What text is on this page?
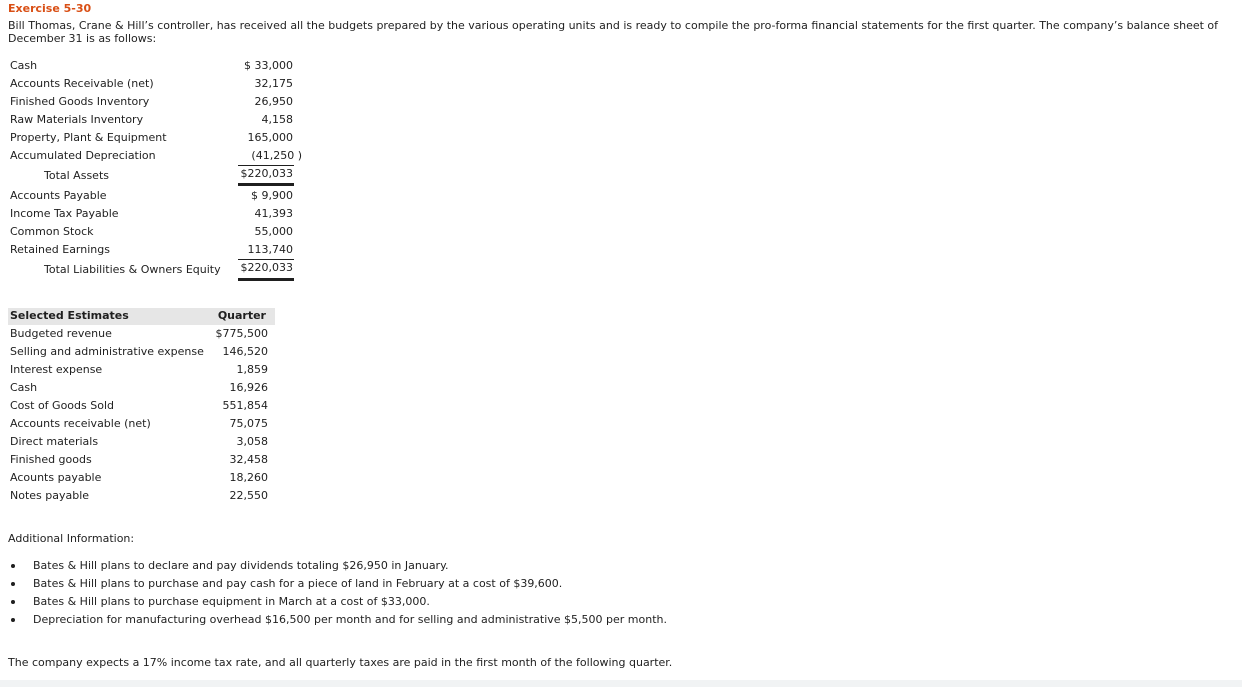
Exercise 5-30
Bill Thomas, Crane & Hill’s controller, has received all the budgets prepared by the various operating units and is ready to compile the pro-forma financial statements for the first quarter. The company’s balance sheet of December 31 is as follows:
Cash	$ 33,000
Accounts Receivable (net)	32,175
Finished Goods Inventory	26,950
Raw Materials Inventory	4,158
Property, Plant & Equipment	165,000
Accumulated Depreciation	(41,250 )
Total Assets	$220,033
Accounts Payable	$ 9,900
Income Tax Payable	41,393
Common Stock	55,000
Retained Earnings	113,740
Total Liabilities & Owners Equity	$220,033
Selected Estimates	Quarter
Budgeted revenue	$775,500
Selling and administrative expense	146,520
Interest expense	1,859
Cash	16,926
Cost of Goods Sold	551,854
Accounts receivable (net)	75,075
Direct materials	3,058
Finished goods	32,458
Acounts payable	18,260
Notes payable	22,550
Additional Information:
Bates & Hill plans to declare and pay dividends totaling $26,950 in January.
Bates & Hill plans to purchase and pay cash for a piece of land in February at a cost of $39,600.
Bates & Hill plans to purchase equipment in March at a cost of $33,000.
Depreciation for manufacturing overhead $16,500 per month and for selling and administrative $5,500 per month.
The company expects a 17% income tax rate, and all quarterly taxes are paid in the first month of the following quarter.
